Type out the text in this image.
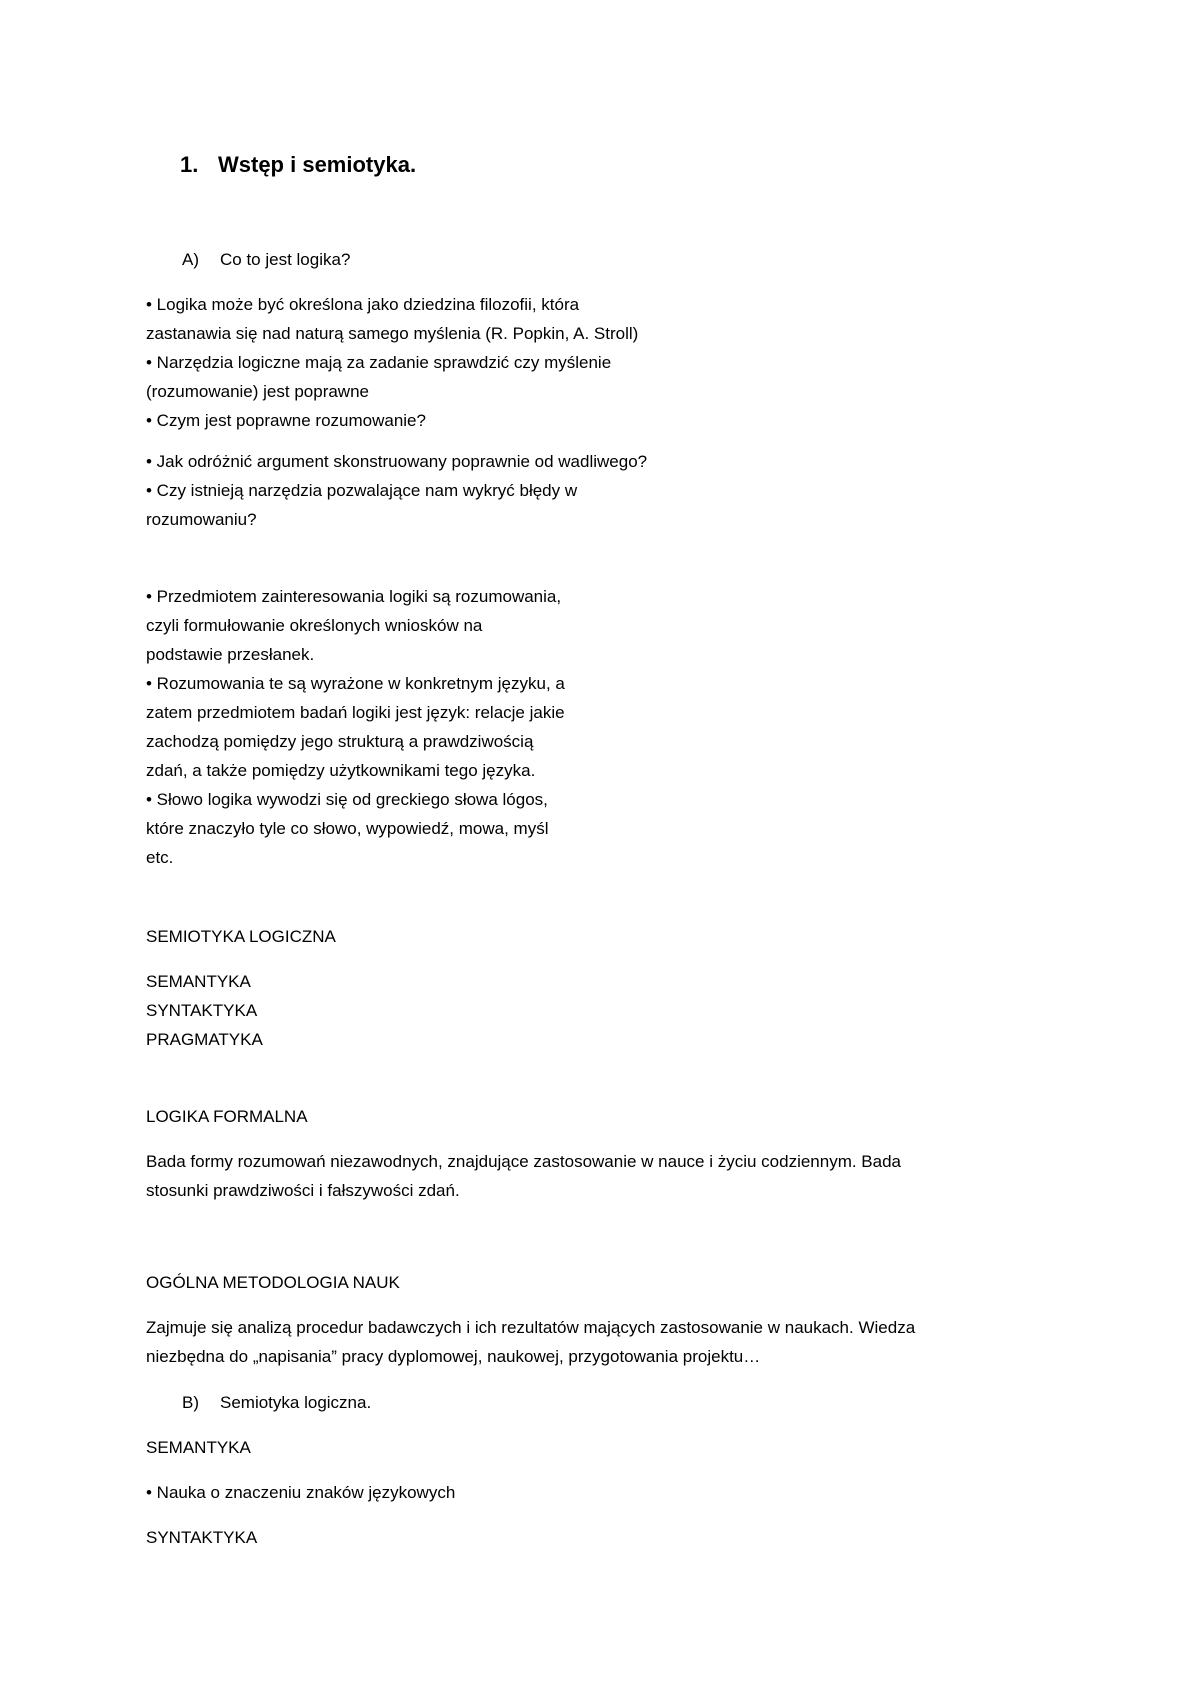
1. Wstęp i semiotyka.
A) Co to jest logika?
• Logika może być określona jako dziedzina filozofii, która
zastanawia się nad naturą samego myślenia (R. Popkin, A. Stroll)
• Narzędzia logiczne mają za zadanie sprawdzić czy myślenie
(rozumowanie) jest poprawne
• Czym jest poprawne rozumowanie?
• Jak odróżnić argument skonstruowany poprawnie od wadliwego?
• Czy istnieją narzędzia pozwalające nam wykryć błędy w
rozumowaniu?
• Przedmiotem zainteresowania logiki są rozumowania,
czyli formułowanie określonych wniosków na
podstawie przesłanek.
• Rozumowania te są wyrażone w konkretnym języku, a
zatem przedmiotem badań logiki jest język: relacje jakie
zachodzą pomiędzy jego strukturą a prawdziwością
zdań, a także pomiędzy użytkownikami tego języka.
• Słowo logika wywodzi się od greckiego słowa lógos,
które znaczyło tyle co słowo, wypowiedź, mowa, myśl
etc.
SEMIOTYKA LOGICZNA
SEMANTYKA
SYNTAKTYKA
PRAGMATYKA
LOGIKA FORMALNA
Bada formy rozumowań niezawodnych, znajdujące zastosowanie w nauce i życiu codziennym. Bada
stosunki prawdziwości i fałszywości zdań.
OGÓLNA METODOLOGIA NAUK
Zajmuje się analizą procedur badawczych i ich rezultatów mających zastosowanie w naukach. Wiedza
niezbędna do „napisania” pracy dyplomowej, naukowej, przygotowania projektu…
B) Semiotyka logiczna.
SEMANTYKA
• Nauka o znaczeniu znaków językowych
SYNTAKTYKA
